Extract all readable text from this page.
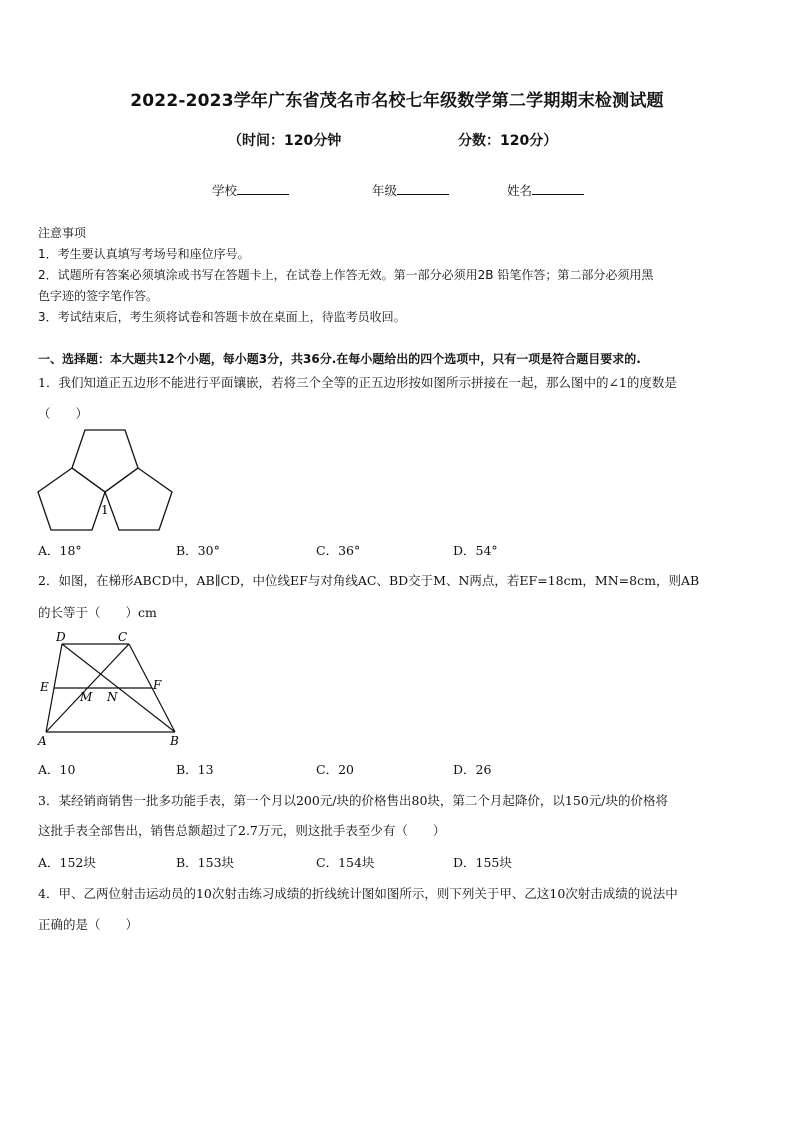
2022-2023学年广东省茂名市名校七年级数学第二学期期末检测试题
（时间：120分钟	分数：120分）
学校	年级	姓名
注意事项
1．考生要认真填写考场号和座位序号。
2．试题所有答案必须填涂或书写在答题卡上，在试卷上作答无效。第一部分必须用2B 铅笔作答；第二部分必须用黑
色字迹的签字笔作答。
3．考试结束后，考生须将试卷和答题卡放在桌面上，待监考员收回。
一、选择题：本大题共12个小题，每小题3分，共36分.在每小题给出的四个选项中，只有一项是符合题目要求的.
1．我们知道正五边形不能进行平面镶嵌，若将三个全等的正五边形按如图所示拼接在一起，那么图中的∠1的度数是
（　　）
1
A．18°	B．30°	C．36°	D．54°
2．如图，在梯形ABCD中，AB∥CD，中位线EF与对角线AC、BD交于M、N两点，若EF=18cm，MN=8cm，则AB
的长等于（　　）cm
D	C
E	F
M N
A	B
A．10	B．13	C．20	D．26
3．某经销商销售一批多功能手表，第一个月以200元/块的价格售出80块，第二个月起降价，以150元/块的价格将
这批手表全部售出，销售总额超过了2.7万元，则这批手表至少有（　　）
A．152块	B．153块	C．154块	D．155块
4．甲、乙两位射击运动员的10次射击练习成绩的折线统计图如图所示，则下列关于甲、乙这10次射击成绩的说法中
正确的是（　　）
